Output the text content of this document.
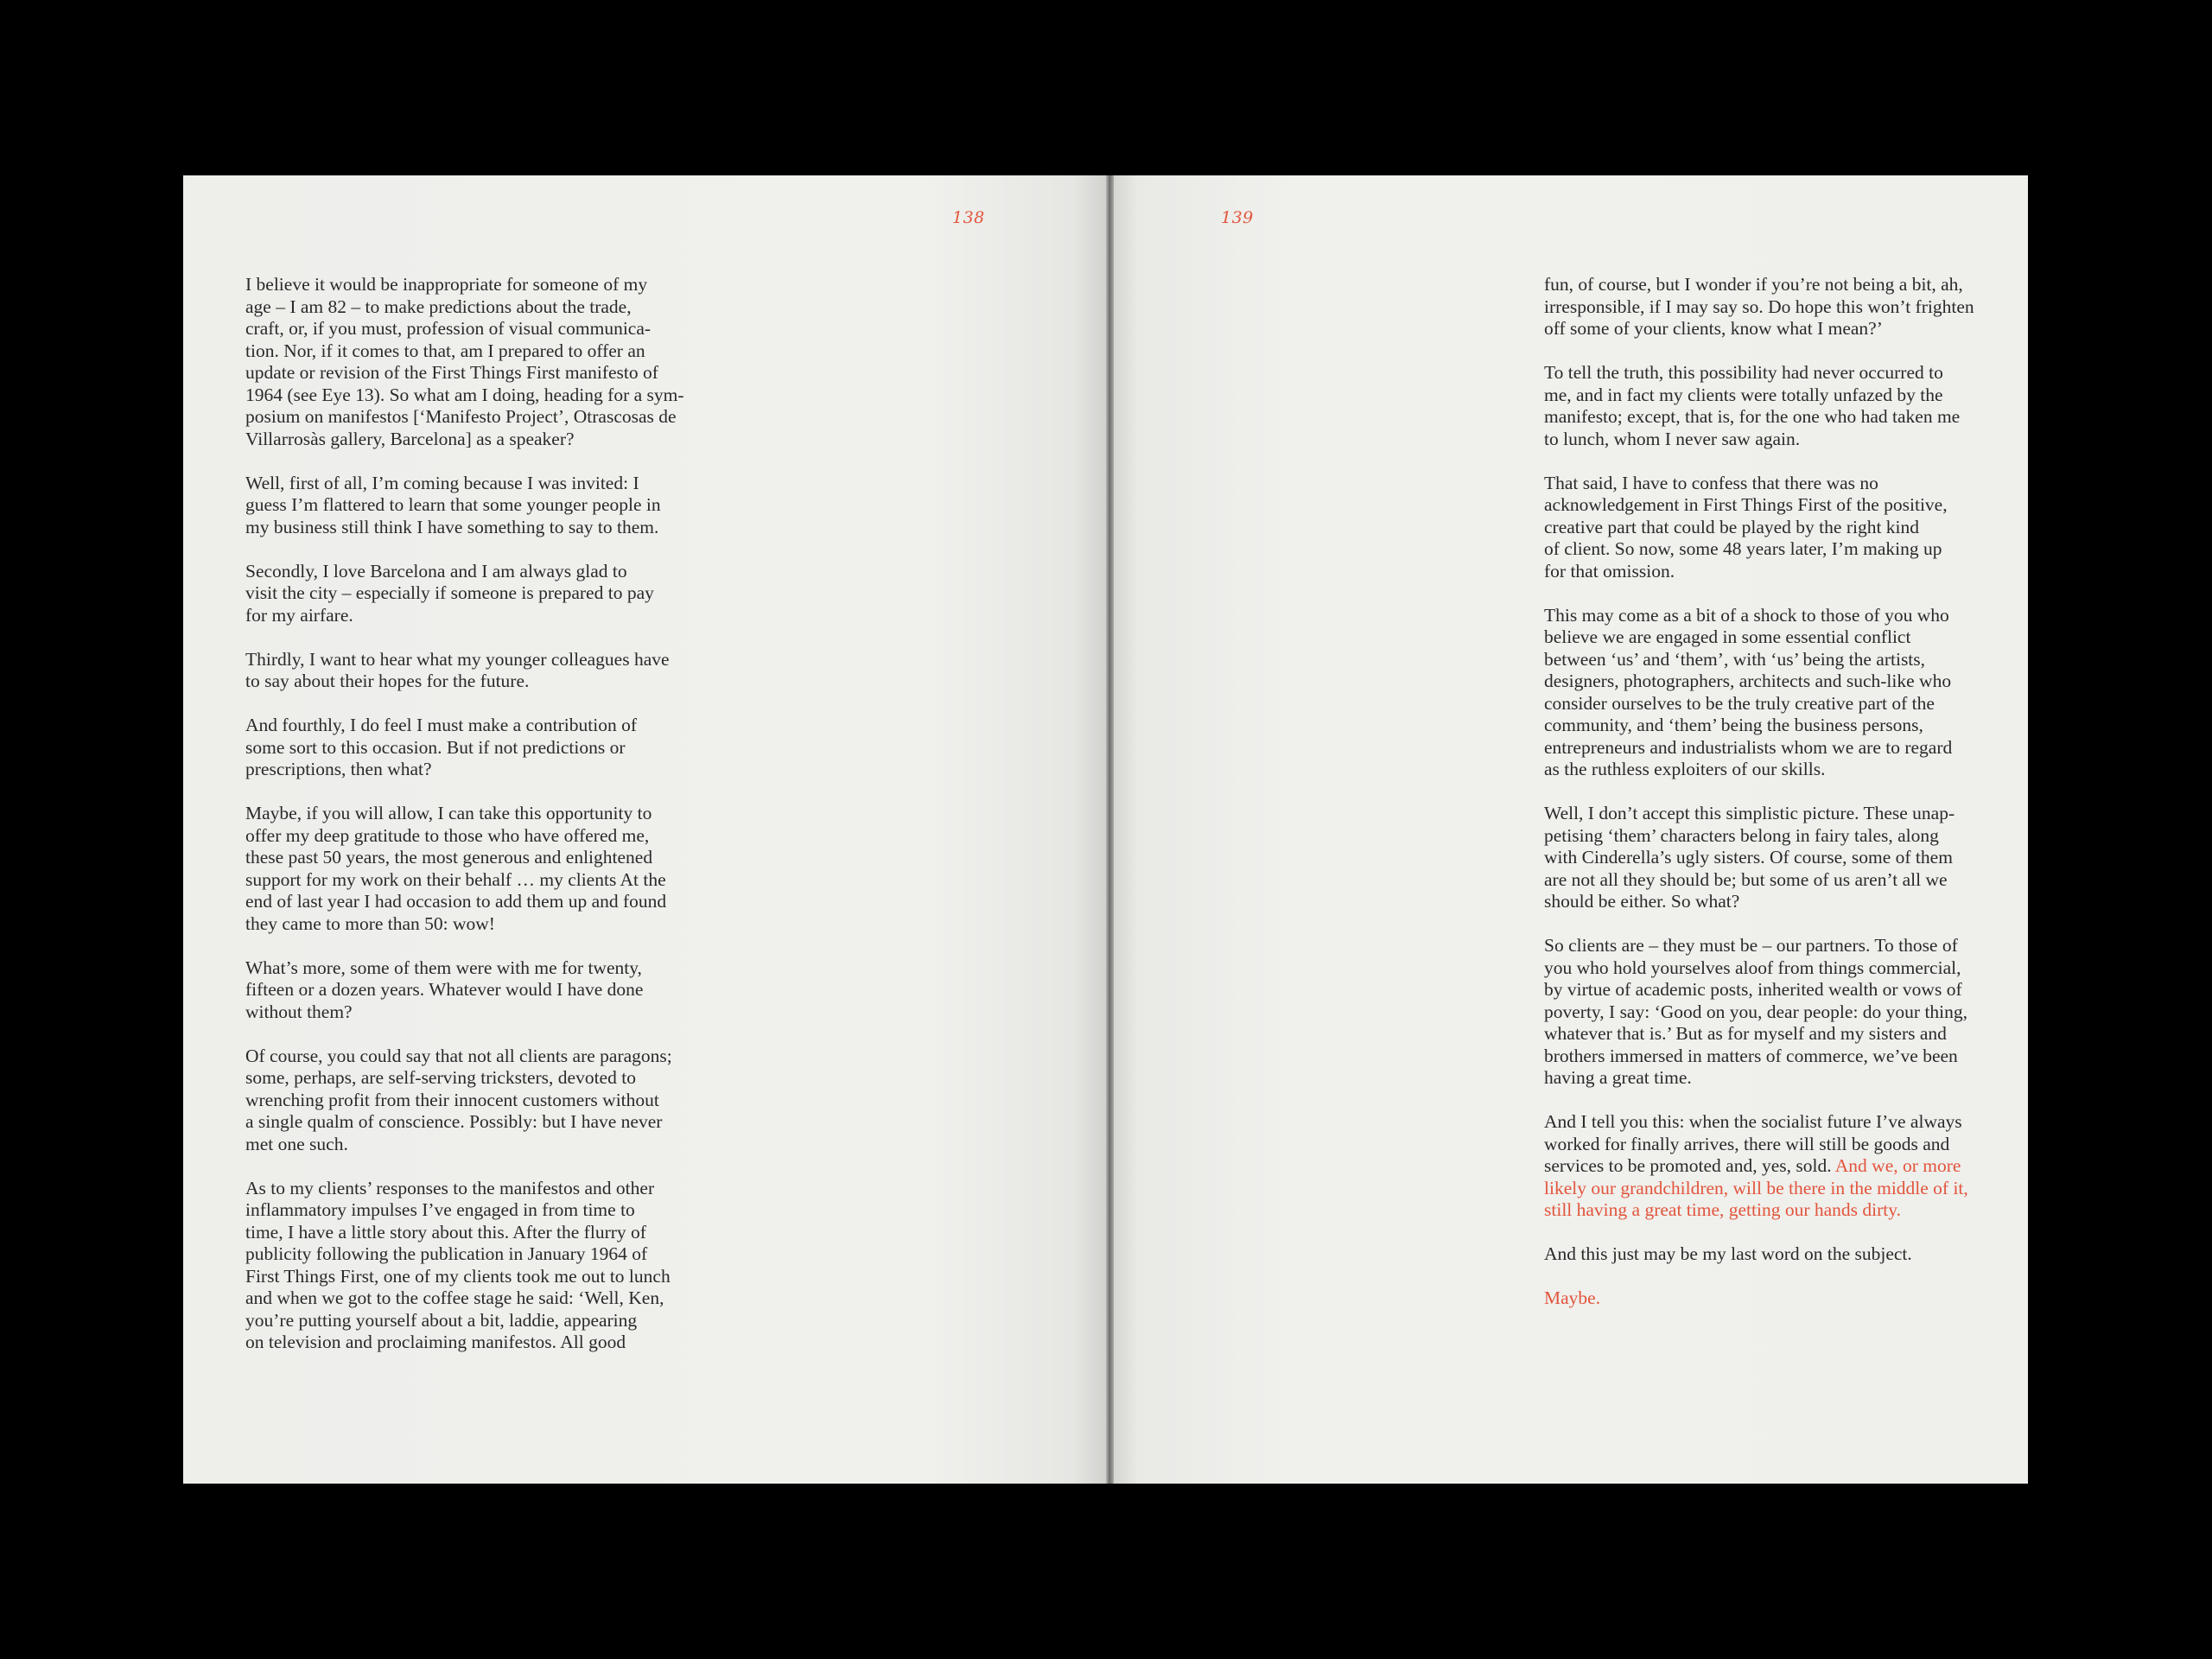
138

I believe it would be inappropriate for someone of my
age – I am 82 – to make predictions about the trade,
craft, or, if you must, profession of visual communica-
tion. Nor, if it comes to that, am I prepared to offer an
update or revision of the First Things First manifesto of
1964 (see Eye 13). So what am I doing, heading for a sym-
posium on manifestos [‘Manifesto Project’, Otrascosas de
Villarrosàs gallery, Barcelona] as a speaker?

Well, first of all, I’m coming because I was invited: I
guess I’m flattered to learn that some younger people in
my business still think I have something to say to them.

Secondly, I love Barcelona and I am always glad to
visit the city – especially if someone is prepared to pay
for my airfare.

Thirdly, I want to hear what my younger colleagues have
to say about their hopes for the future.

And fourthly, I do feel I must make a contribution of
some sort to this occasion. But if not predictions or
prescriptions, then what?

Maybe, if you will allow, I can take this opportunity to
offer my deep gratitude to those who have offered me,
these past 50 years, the most generous and enlightened
support for my work on their behalf … my clients At the
end of last year I had occasion to add them up and found
they came to more than 50: wow!

What’s more, some of them were with me for twenty,
fifteen or a dozen years. Whatever would I have done
without them?

Of course, you could say that not all clients are paragons;
some, perhaps, are self-serving tricksters, devoted to
wrenching profit from their innocent customers without
a single qualm of conscience. Possibly: but I have never
met one such.

As to my clients’ responses to the manifestos and other
inflammatory impulses I’ve engaged in from time to
time, I have a little story about this. After the flurry of
publicity following the publication in January 1964 of
First Things First, one of my clients took me out to lunch
and when we got to the coffee stage he said: ‘Well, Ken,
you’re putting yourself about a bit, laddie, appearing
on television and proclaiming manifestos. All good

139

fun, of course, but I wonder if you’re not being a bit, ah,
irresponsible, if I may say so. Do hope this won’t frighten
off some of your clients, know what I mean?’

To tell the truth, this possibility had never occurred to
me, and in fact my clients were totally unfazed by the
manifesto; except, that is, for the one who had taken me
to lunch, whom I never saw again.

That said, I have to confess that there was no
acknowledgement in First Things First of the positive,
creative part that could be played by the right kind
of client. So now, some 48 years later, I’m making up
for that omission.

This may come as a bit of a shock to those of you who
believe we are engaged in some essential conflict
between ‘us’ and ‘them’, with ‘us’ being the artists,
designers, photographers, architects and such-like who
consider ourselves to be the truly creative part of the
community, and ‘them’ being the business persons,
entrepreneurs and industrialists whom we are to regard
as the ruthless exploiters of our skills.

Well, I don’t accept this simplistic picture. These unap-
petising ‘them’ characters belong in fairy tales, along
with Cinderella’s ugly sisters. Of course, some of them
are not all they should be; but some of us aren’t all we
should be either. So what?

So clients are – they must be – our partners. To those of
you who hold yourselves aloof from things commercial,
by virtue of academic posts, inherited wealth or vows of
poverty, I say: ‘Good on you, dear people: do your thing,
whatever that is.’ But as for myself and my sisters and
brothers immersed in matters of commerce, we’ve been
having a great time.

And I tell you this: when the socialist future I’ve always
worked for finally arrives, there will still be goods and
services to be promoted and, yes, sold. And we, or more
likely our grandchildren, will be there in the middle of it,
still having a great time, getting our hands dirty.

And this just may be my last word on the subject.

Maybe.
